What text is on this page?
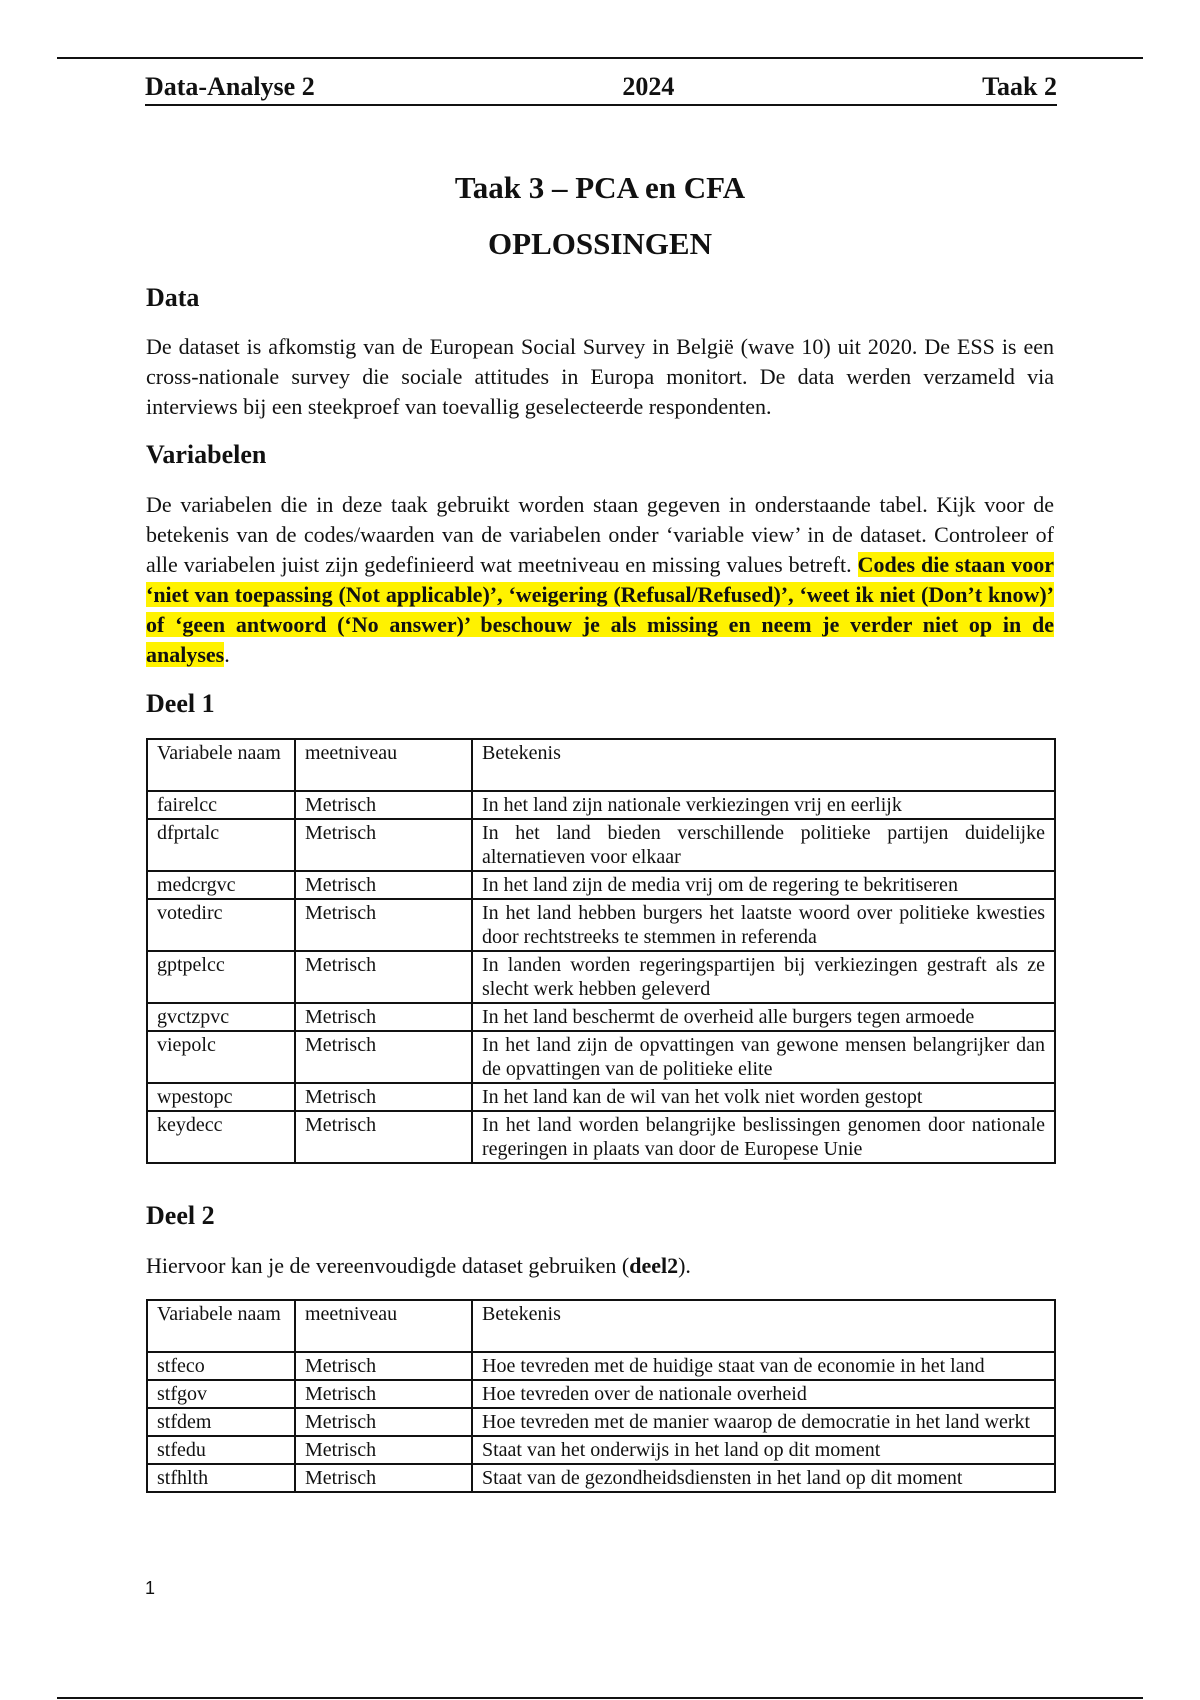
Data-Analyse 2	2024	Taak 2
Taak 3 – PCA en CFA
OPLOSSINGEN
Data

De dataset is afkomstig van de European Social Survey in België (wave 10) uit 2020. De ESS is een cross-nationale survey die sociale attitudes in Europa monitort. De data werden verzameld via interviews bij een steekproef van toevallig geselecteerde respondenten.

Variabelen

De variabelen die in deze taak gebruikt worden staan gegeven in onderstaande tabel. Kijk voor de betekenis van de codes/waarden van de variabelen onder ‘variable view’ in de dataset. Controleer of alle variabelen juist zijn gedefinieerd wat meetniveau en missing values betreft. Codes die staan voor ‘niet van toepassing (Not applicable)’, ‘weigering (Refusal/Refused)’, ‘weet ik niet (Don’t know)’ of ‘geen antwoord (‘No answer)’ beschouw je als missing en neem je verder niet op in de analyses.

Deel 1
Variabele naam	meetniveau	Betekenis
fairelcc	Metrisch	In het land zijn nationale verkiezingen vrij en eerlijk
dfprtalc	Metrisch	In het land bieden verschillende politieke partijen duidelijke alternatieven voor elkaar
medcrgvc	Metrisch	In het land zijn de media vrij om de regering te bekritiseren
votedirc	Metrisch	In het land hebben burgers het laatste woord over politieke kwesties door rechtstreeks te stemmen in referenda
gptpelcc	Metrisch	In landen worden regeringspartijen bij verkiezingen gestraft als ze slecht werk hebben geleverd
gvctzpvc	Metrisch	In het land beschermt de overheid alle burgers tegen armoede
viepolc	Metrisch	In het land zijn de opvattingen van gewone mensen belangrijker dan de opvattingen van de politieke elite
wpestopc	Metrisch	In het land kan de wil van het volk niet worden gestopt
keydecc	Metrisch	In het land worden belangrijke beslissingen genomen door nationale regeringen in plaats van door de Europese Unie
Deel 2

Hiervoor kan je de vereenvoudigde dataset gebruiken (deel2).

Variabele naam	meetniveau	Betekenis
stfeco	Metrisch	Hoe tevreden met de huidige staat van de economie in het land
stfgov	Metrisch	Hoe tevreden over de nationale overheid
stfdem	Metrisch	Hoe tevreden met de manier waarop de democratie in het land werkt
stfedu	Metrisch	Staat van het onderwijs in het land op dit moment
stfhlth	Metrisch	Staat van de gezondheidsdiensten in het land op dit moment
1
